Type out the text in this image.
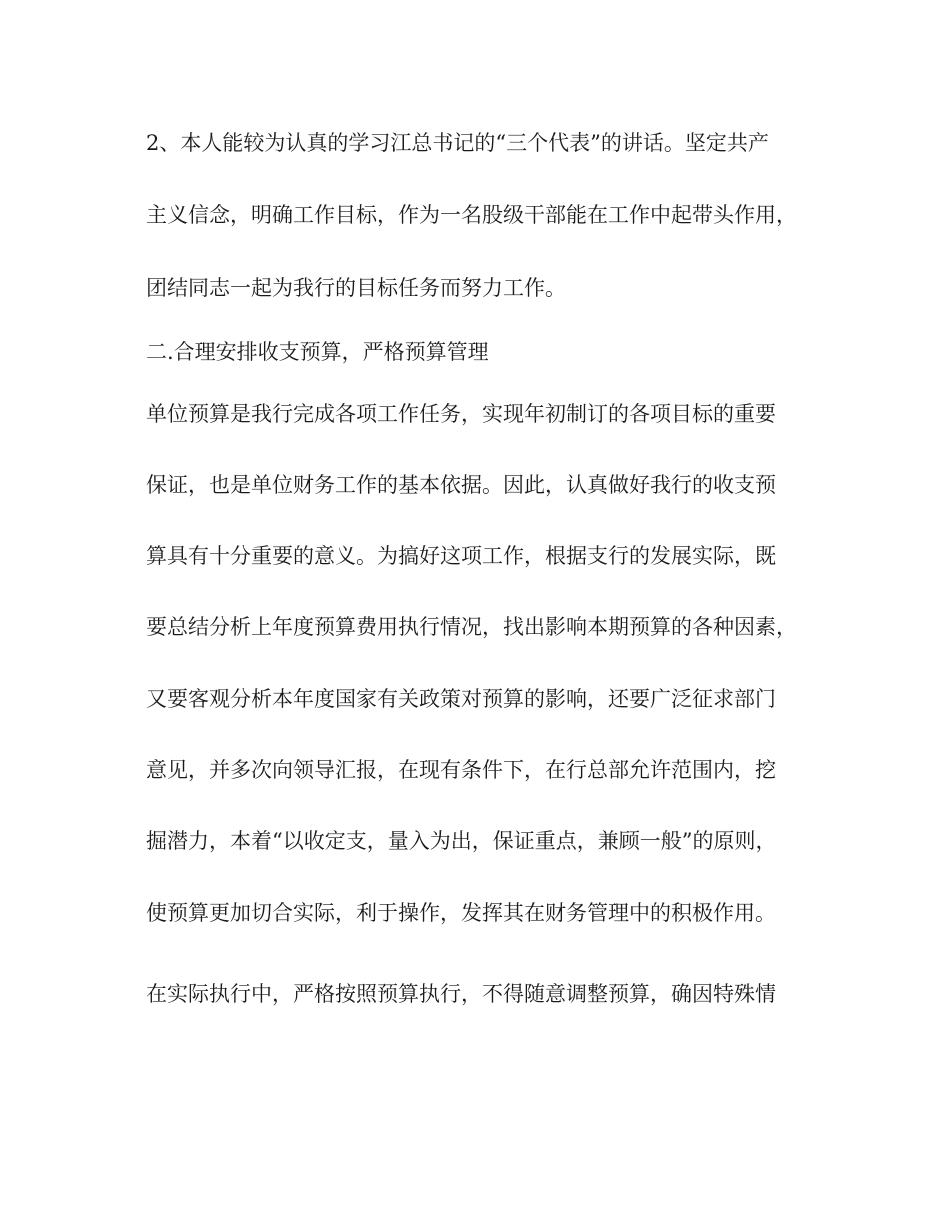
2、本人能较为认真的学习江总书记的“三个代表”的讲话。坚定共产

主义信念，明确工作目标，作为一名股级干部能在工作中起带头作用，

团结同志一起为我行的目标任务而努力工作。

二.合理安排收支预算，严格预算管理

单位预算是我行完成各项工作任务，实现年初制订的各项目标的重要

保证，也是单位财务工作的基本依据。因此，认真做好我行的收支预

算具有十分重要的意义。为搞好这项工作，根据支行的发展实际，既

要总结分析上年度预算费用执行情况，找出影响本期预算的各种因素，

又要客观分析本年度国家有关政策对预算的影响，还要广泛征求部门

意见，并多次向领导汇报，在现有条件下，在行总部允许范围内，挖

掘潜力，本着“以收定支，量入为出，保证重点，兼顾一般”的原则，

使预算更加切合实际，利于操作，发挥其在财务管理中的积极作用。

在实际执行中，严格按照预算执行，不得随意调整预算，确因特殊情
